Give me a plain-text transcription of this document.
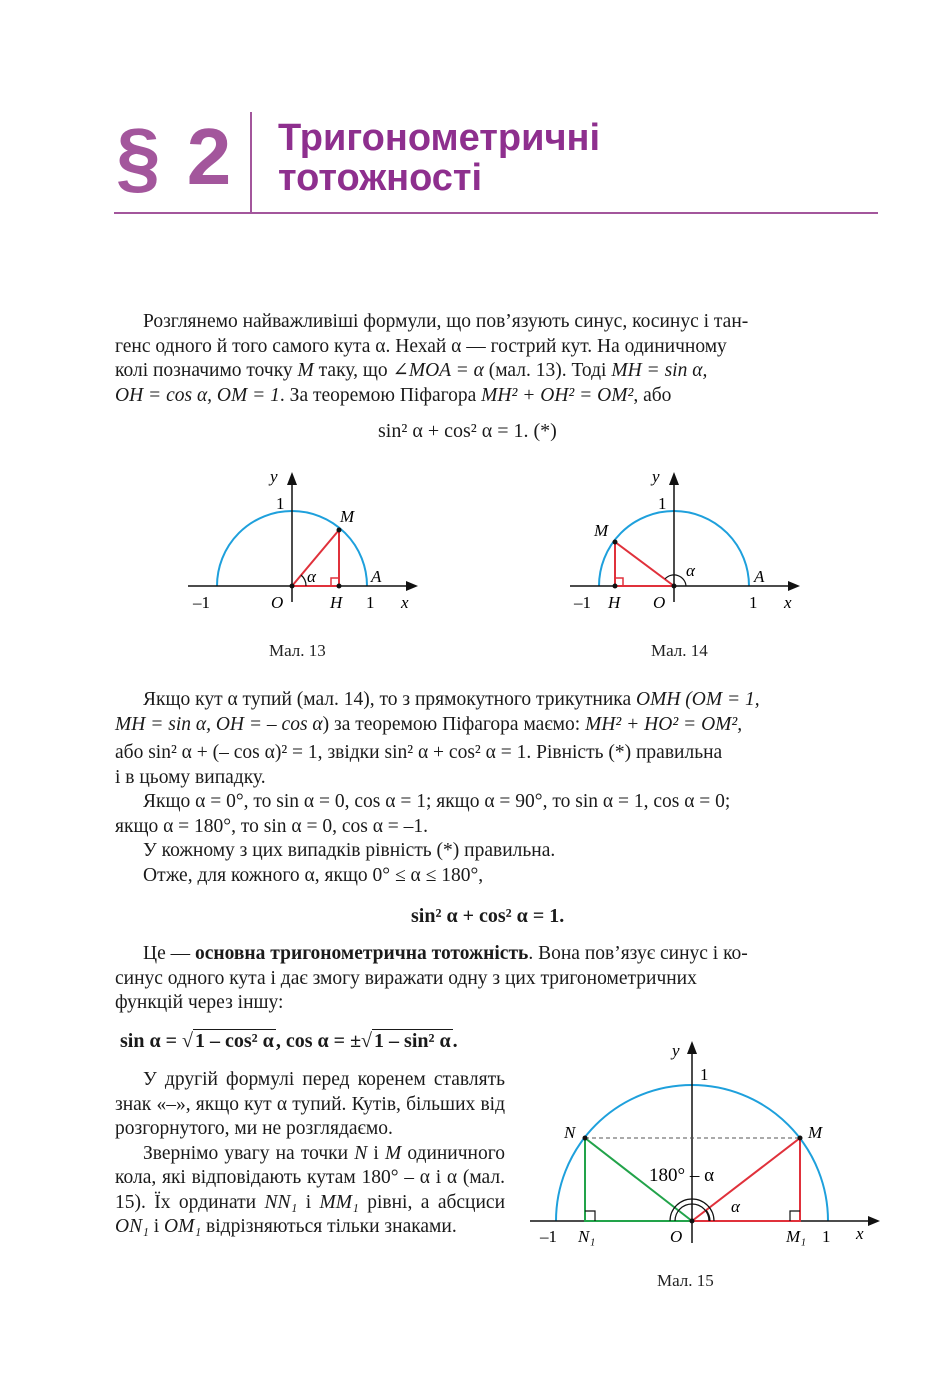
§ 2 Тригонометричні
тотожності

Розглянемо найважливіші формули, що пов’язують синус, косинус і тан-

генс одного й того самого кута α. Нехай α — гострий кут. На одиничному

колі позначимо точку M таку, що ∠MOA = α (мал. 13). Тоді MH = sin α,

OH = cos α, OM = 1. За теоремою Піфагора MH² + OH² = OM², або

sin² α + cos² α = 1. (*)
y
1
M
α	A
–1	O	H 1 x
Мал. 13
y
1
M
α	A
–1 H O	1 x
Мал. 14

Якщо кут α тупий (мал. 14), то з прямокутного трикутника OMH (OM = 1,

MH = sin α, OH = – cos α) за теоремою Піфагора маємо: MH² + HO² = OM²,

або sin² α + (– cos α)² = 1, звідки sin² α + cos² α = 1. Рівність (*) правильна

і в цьому випадку.

Якщо α = 0°, то sin α = 0, cos α = 1; якщо α = 90°, то sin α = 1, cos α = 0;

якщо α = 180°, то sin α = 0, cos α = –1.

У кожному з цих випадків рівність (*) правильна.

Отже, для кожного α, якщо 0° ≤ α ≤ 180°,

sin² α + cos² α = 1.

Це — основна тригонометрична тотожність. Вона пов’язує синус і ко-

синус одного кута і дає змогу виражати одну з цих тригонометричних

функцій через іншу:

sin α = √ 1 – cos² α , cos α = ±√ 1 – sin² α .

У другій формулі перед коренем ставлять знак «–», якщо кут α тупий. Кутів, більших від розгорнутого, ми не розглядаємо.

Звернімо увагу на точки N і M одиничного кола, які відповідають кутам 180° – α і α (мал. 15). Їх ординати NN₁ і MM₁ рівні, а абсциси ON₁ і OM₁ відрізняються тільки знаками.

y
1
N	M
180° – α
α
–1 N₁	O	M₁ 1 x
Мал. 15
